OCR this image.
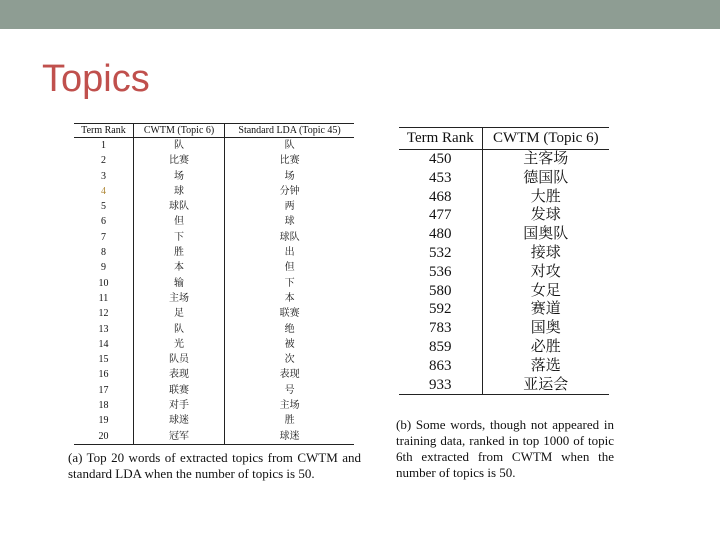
Topics
Term Rank	CWTM (Topic 6)	Standard LDA (Topic 45)
1	队	队
2	比赛	比赛
3	场	场
4	球	分钟
5	球队	两
6	但	球
7	下	球队
8	胜	出
9	本	但
10	输	下
11	主场	本
12	足	联赛
13	队	绝
14	光	被
15	队员	次
16	表现	表现
17	联赛	号
18	对手	主场
19	球迷	胜
20	冠军	球迷
(a) Top 20 words of extracted topics from CWTM and standard LDA when the number of topics is 50.
Term Rank	CWTM (Topic 6)
450	主客场
453	德国队
468	大胜
477	发球
480	国奥队
532	接球
536	对攻
580	女足
592	赛道
783	国奥
859	必胜
863	落选
933	亚运会
(b) Some words, though not appeared in training data, ranked in top 1000 of topic 6th extracted from CWTM when the number of topics is 50.
